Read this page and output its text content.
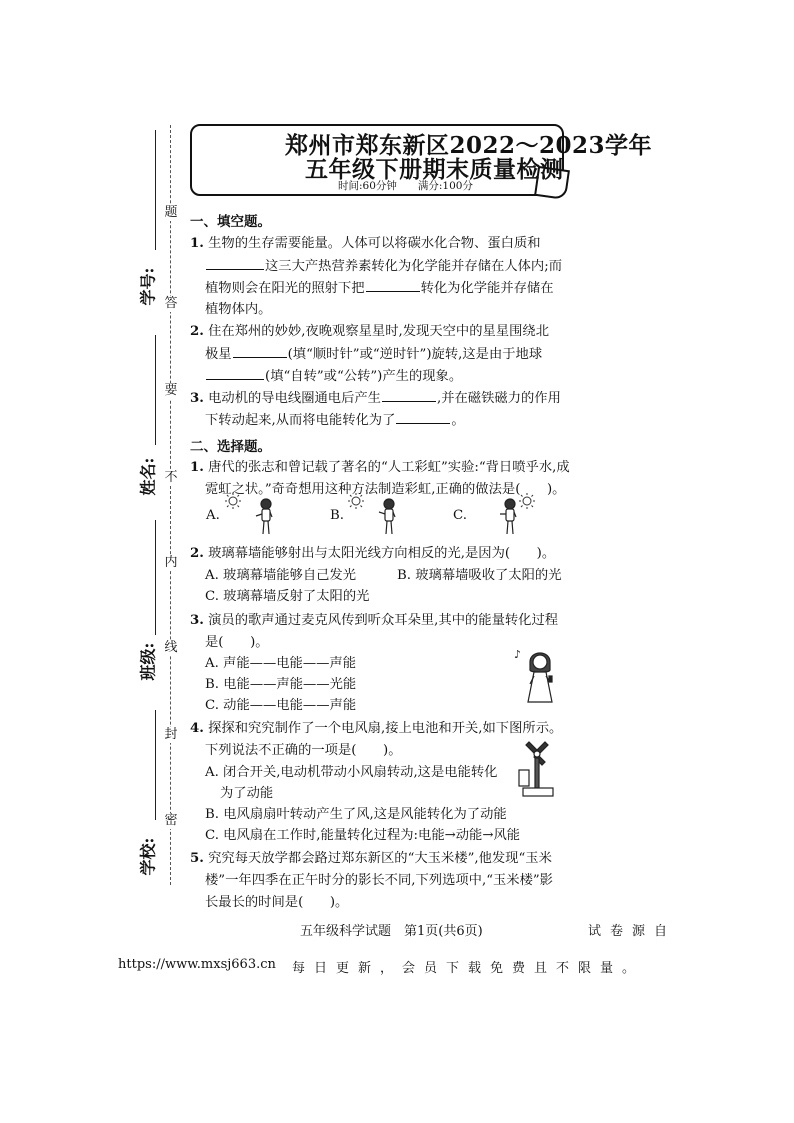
学号:
姓名:
班级:
学校:
题
答
要
不
内
线
封
密
郑州市郑东新区2022～2023学年
五年级下册期末质量检测
时间:60分钟　　满分:100分
一、填空题。
1. 生物的生存需要能量。人体可以将碳水化合物、蛋白质和
这三大产热营养素转化为化学能并存储在人体内;而
植物则会在阳光的照射下把	转化为化学能并存储在
植物体内。
2. 住在郑州的妙妙,夜晚观察星星时,发现天空中的星星围绕北
极星	(填“顺时针”或“逆时针”)旋转,这是由于地球
(填“自转”或“公转”)产生的现象。
3. 电动机的导电线圈通电后产生	,并在磁铁磁力的作用
下转动起来,从而将电能转化为了	。
二、选择题。
1. 唐代的张志和曾记载了著名的“人工彩虹”实验:“背日喷乎水,成
霓虹之状。”奇奇想用这种方法制造彩虹,正确的做法是(　　)。
A.	B.	C.
2. 玻璃幕墙能够射出与太阳光线方向相反的光,是因为(　　)。
A. 玻璃幕墙能够自己发光	B. 玻璃幕墙吸收了太阳的光
C. 玻璃幕墙反射了太阳的光
3. 演员的歌声通过麦克风传到听众耳朵里,其中的能量转化过程
是(　　)。
A. 声能——电能——声能
B. 电能——声能——光能
C. 动能——电能——声能
♪
4. 探探和究究制作了一个电风扇,接上电池和开关,如下图所示。
下列说法不正确的一项是(　　)。
A. 闭合开关,电动机带动小风扇转动,这是电能转化
为了动能
B. 电风扇扇叶转动产生了风,这是风能转化为了动能
C. 电风扇在工作时,能量转化过程为:电能→动能→风能
5. 究究每天放学都会路过郑东新区的“大玉米楼”,他发现“玉米
楼”一年四季在正午时分的影长不同,下列选项中,“玉米楼”影
长最长的时间是(　　)。
五年级科学试题　第1页(共6页)	试卷源自
https://www.mxsj663.cn 每日更新，会员下载免费且不限量。
